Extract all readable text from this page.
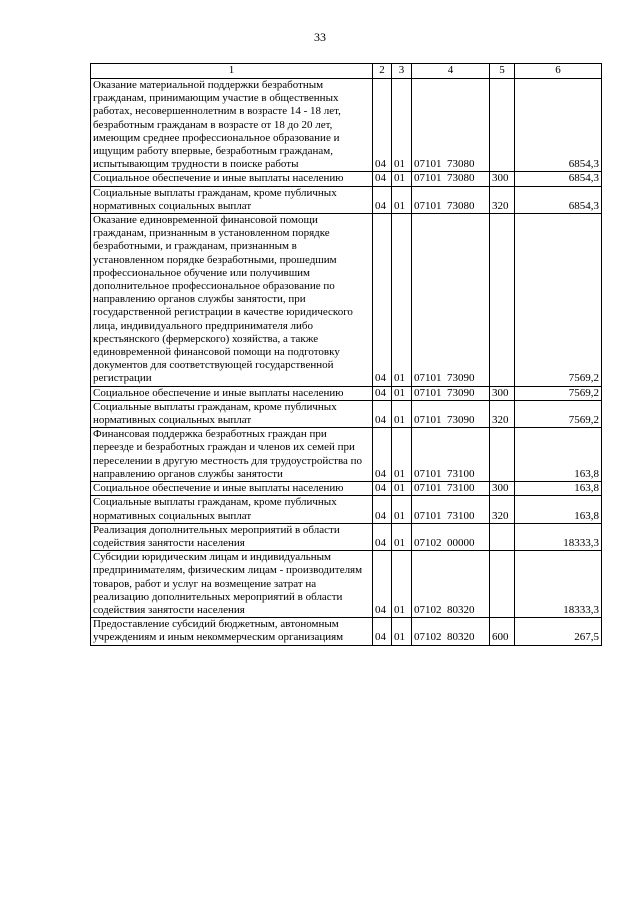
33
1	2	3	4	5	6
Оказание материальной поддержки безработным гражданам, принимающим участие в общественных работах, несовершеннолетним в возрасте 14 - 18 лет, безработным гражданам в возрасте от 18 до 20 лет, имеющим среднее профессиональное образование и ищущим работу впервые, безработным гражданам, испытывающим трудности в поиске работы	04	01	07101  73080		6854,3
Социальное обеспечение и иные выплаты населению	04	01	07101  73080	300	6854,3
Социальные выплаты гражданам, кроме публичных нормативных социальных выплат	04	01	07101  73080	320	6854,3
Оказание единовременной финансовой помощи гражданам, признанным в установленном порядке безработными, и гражданам, признанным в установленном порядке безработными, прошедшим профессиональное обучение или получившим дополнительное профессиональное образование по направлению органов службы занятости, при государственной регистрации в качестве юридического лица, индивидуального предпринимателя либо крестьянского (фермерского) хозяйства, а также единовременной финансовой помощи на подготовку документов для соответствующей государственной регистрации	04	01	07101  73090		7569,2
Социальное обеспечение и иные выплаты населению	04	01	07101  73090	300	7569,2
Социальные выплаты гражданам, кроме публичных нормативных социальных выплат	04	01	07101  73090	320	7569,2
Финансовая поддержка безработных граждан при переезде и безработных граждан и членов их семей при переселении в другую местность для трудоустройства по направлению органов службы занятости	04	01	07101  73100		163,8
Социальное обеспечение и иные выплаты населению	04	01	07101  73100	300	163,8
Социальные выплаты гражданам, кроме публичных нормативных социальных выплат	04	01	07101  73100	320	163,8
Реализация дополнительных мероприятий в области содействия занятости населения	04	01	07102  00000		18333,3
Субсидии юридическим лицам и индивидуальным предпринимателям, физическим лицам - производителям товаров, работ и услуг на возмещение затрат на реализацию дополнительных мероприятий в области содействия занятости населения	04	01	07102  80320		18333,3
Предоставление субсидий бюджетным, автономным учреждениям и иным некоммерческим организациям	04	01	07102  80320	600	267,5
